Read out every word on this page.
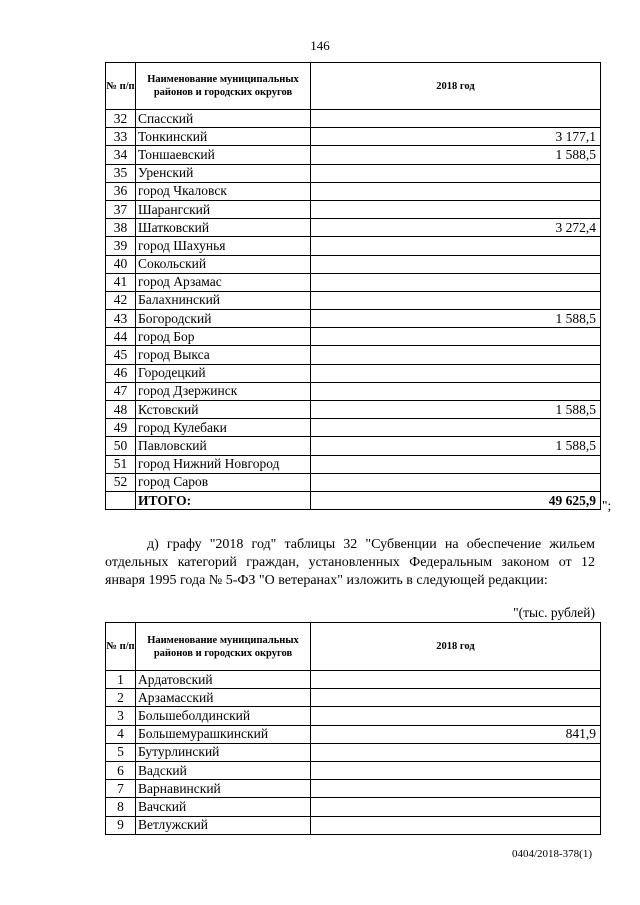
146
№ п/п	Наименование муниципальных районов и городских округов	2018 год
32	Спасский	
33	Тонкинский	3 177,1
34	Тоншаевский	1 588,5
35	Уренский	
36	город Чкаловск	
37	Шарангский	
38	Шатковский	3 272,4
39	город Шахунья	
40	Сокольский	
41	город Арзамас	
42	Балахнинский	
43	Богородский	1 588,5
44	город Бор	
45	город Выкса	
46	Городецкий	
47	город Дзержинск	
48	Кстовский	1 588,5
49	город Кулебаки	
50	Павловский	1 588,5
51	город Нижний Новгород	
52	город Саров	
	ИТОГО:	49 625,9 ";

д) графу "2018 год" таблицы 32 "Субвенции на обеспечение жильем отдельных категорий граждан, установленных Федеральным законом от 12 января 1995 года № 5-ФЗ "О ветеранах" изложить в следующей редакции:

"(тыс. рублей)
№ п/п	Наименование муниципальных районов и городских округов	2018 год
1	Ардатовский	
2	Арзамасский	
3	Большеболдинский	
4	Большемурашкинский	841,9
5	Бутурлинский	
6	Вадский	
7	Варнавинский	
8	Вачский	
9	Ветлужский	
0404/2018-378(1)
